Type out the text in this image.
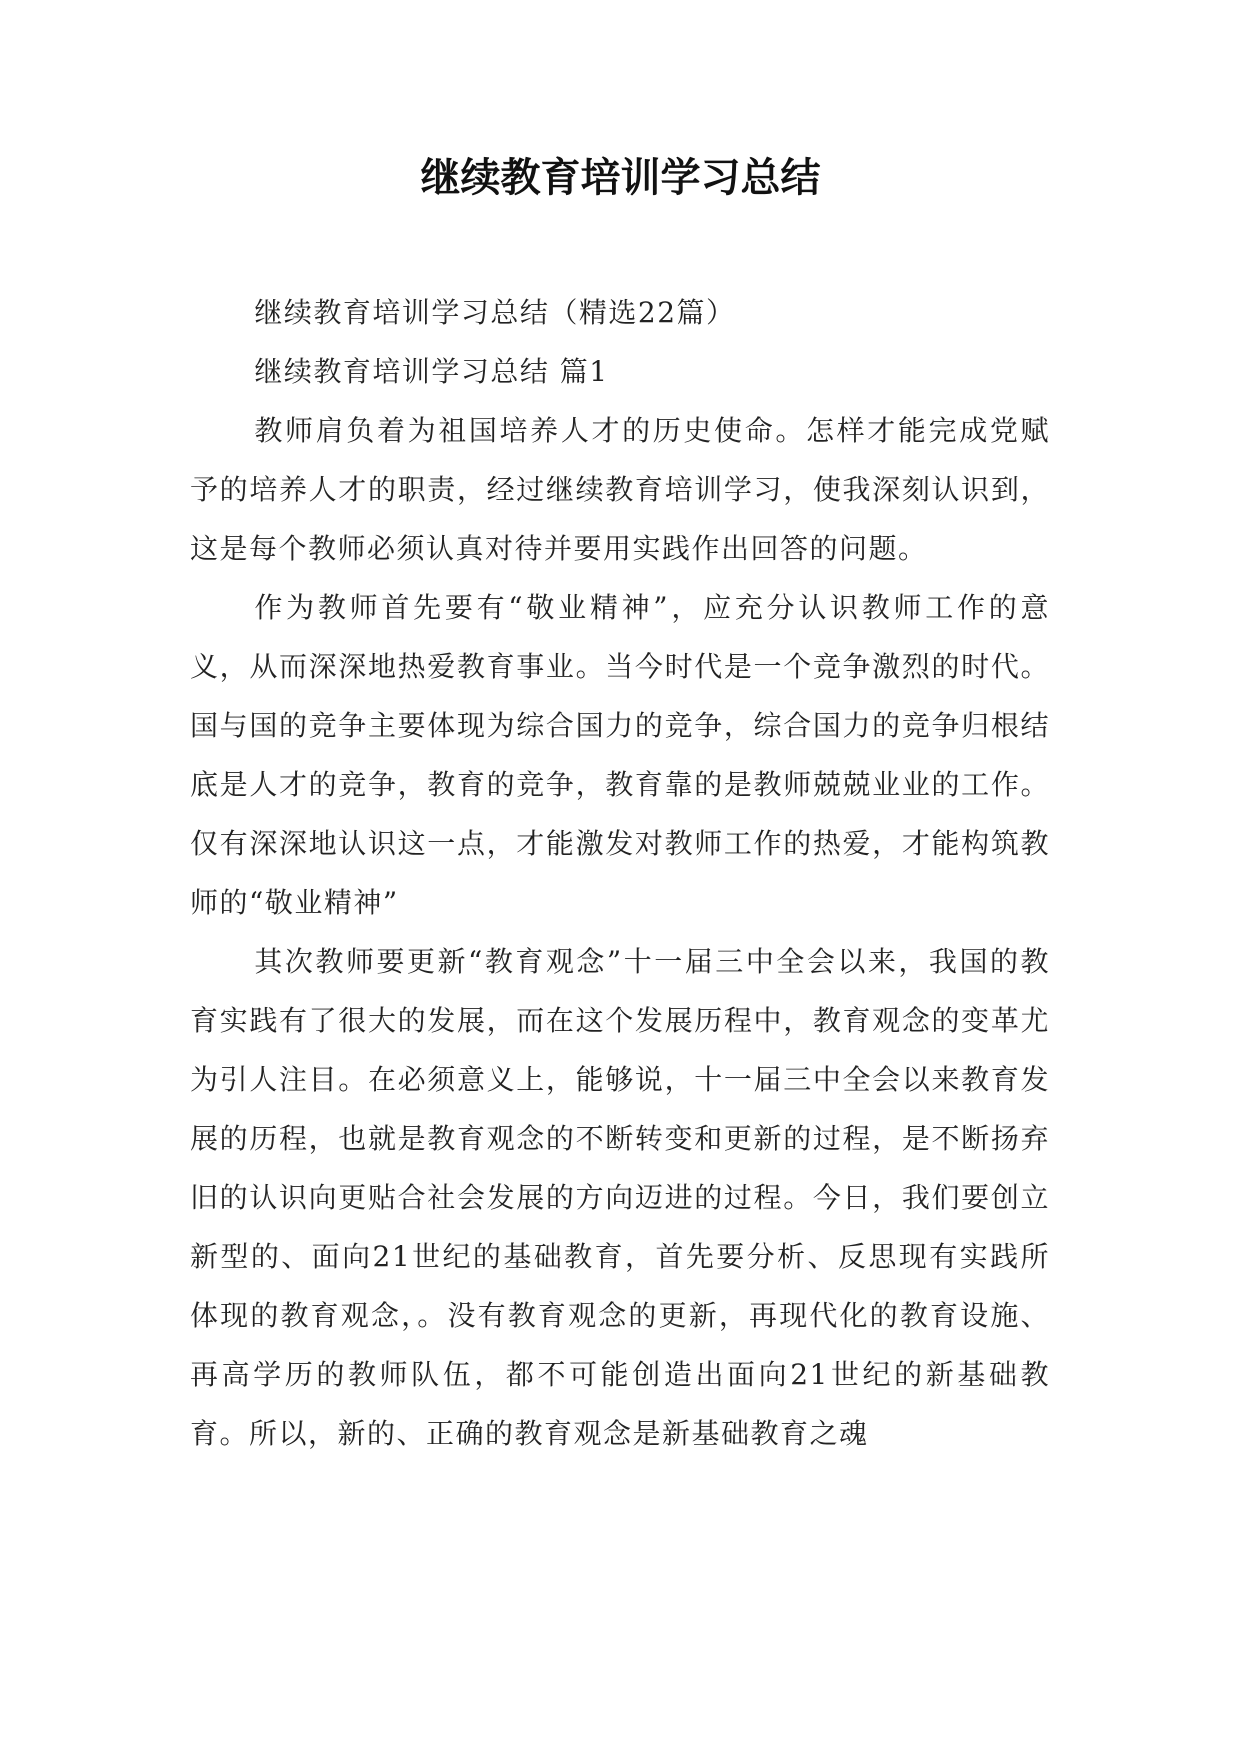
继续教育培训学习总结

继续教育培训学习总结（精选22篇）

继续教育培训学习总结 篇1

教师肩负着为祖国培养人才的历史使命。怎样才能完成党赋予的培养人才的职责，经过继续教育培训学习，使我深刻认识到，这是每个教师必须认真对待并要用实践作出回答的问题。

作为教师首先要有“敬业精神”，应充分认识教师工作的意义，从而深深地热爱教育事业。当今时代是一个竞争激烈的时代。国与国的竞争主要体现为综合国力的竞争，综合国力的竞争归根结底是人才的竞争，教育的竞争，教育靠的是教师兢兢业业的工作。仅有深深地认识这一点，才能激发对教师工作的热爱，才能构筑教师的“敬业精神”

其次教师要更新“教育观念”十一届三中全会以来，我国的教育实践有了很大的发展，而在这个发展历程中，教育观念的变革尤为引人注目。在必须意义上，能够说，十一届三中全会以来教育发展的历程，也就是教育观念的不断转变和更新的过程，是不断扬弃旧的认识向更贴合社会发展的方向迈进的过程。今日，我们要创立新型的、面向21世纪的基础教育，首先要分析、反思现有实践所体现的教育观念，。没有教育观念的更新，再现代化的教育设施、再高学历的教师队伍，都不可能创造出面向21世纪的新基础教育。所以，新的、正确的教育观念是新基础教育之魂
